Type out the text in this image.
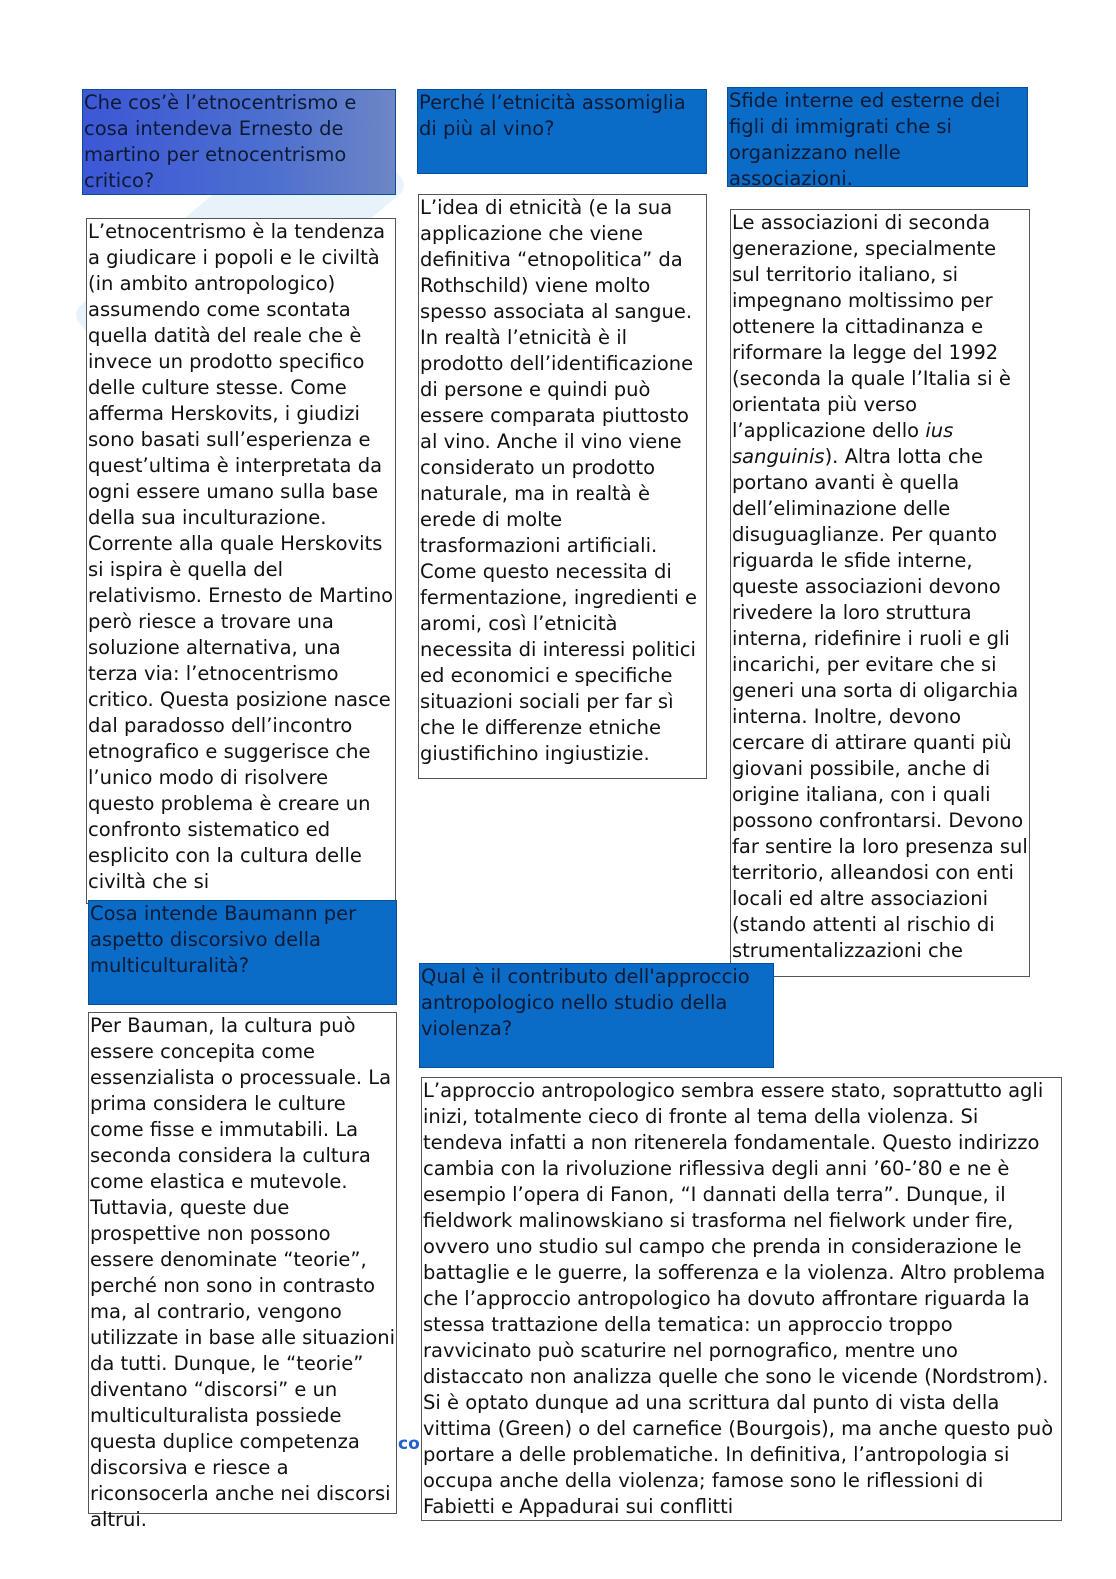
Che cos’è l’etnocentrismo e cosa intendeva Ernesto de martino per etnocentrismo critico?

L’etnocentrismo è la tendenza a giudicare i popoli e le civiltà (in ambito antropologico) assumendo come scontata quella datità del reale che è invece un prodotto specifico delle culture stesse. Come afferma Herskovits, i giudizi sono basati sull’esperienza e quest’ultima è interpretata da ogni essere umano sulla base della sua inculturazione. Corrente alla quale Herskovits si ispira è quella del relativismo. Ernesto de Martino però riesce a trovare una soluzione alternativa, una terza via: l’etnocentrismo critico. Questa posizione nasce dal paradosso dell’incontro etnografico e suggerisce che l’unico modo di risolvere questo problema è creare un confronto sistematico ed esplicito con la cultura delle civiltà che si

Perché l’etnicità assomiglia di più al vino?

L’idea di etnicità (e la sua applicazione che viene definitiva “etnopolitica” da Rothschild) viene molto spesso associata al sangue. In realtà l’etnicità è il prodotto dell’identificazione di persone e quindi può essere comparata piuttosto al vino. Anche il vino viene considerato un prodotto naturale, ma in realtà è erede di molte trasformazioni artificiali. Come questo necessita di fermentazione, ingredienti e aromi, così l’etnicità necessita di interessi politici ed economici e specifiche situazioni sociali per far sì che le differenze etniche giustifichino ingiustizie.

Sfide interne ed esterne dei figli di immigrati che si organizzano nelle associazioni.

Le associazioni di seconda generazione, specialmente sul territorio italiano, si impegnano moltissimo per ottenere la cittadinanza e riformare la legge del 1992 (seconda la quale l’Italia si è orientata più verso l’applicazione dello ius sanguinis). Altra lotta che portano avanti è quella dell’eliminazione delle disuguaglianze. Per quanto riguarda le sfide interne, queste associazioni devono rivedere la loro struttura interna, ridefinire i ruoli e gli incarichi, per evitare che si generi una sorta di oligarchia interna. Inoltre, devono cercare di attirare quanti più giovani possibile, anche di origine italiana, con i quali possono confrontarsi. Devono far sentire la loro presenza sul territorio, alleandosi con enti locali ed altre associazioni (stando attenti al rischio di strumentalizzazioni che

Cosa intende Baumann per aspetto discorsivo della multiculturalità?

Per Bauman, la cultura può essere concepita come essenzialista o processuale. La prima considera le culture come fisse e immutabili. La seconda considera la cultura come elastica e mutevole. Tuttavia, queste due prospettive non possono essere denominate “teorie”, perché non sono in contrasto ma, al contrario, vengono utilizzate in base alle situazioni da tutti. Dunque, le “teorie” diventano “discorsi” e un multiculturalista possiede questa duplice competenza discorsiva e riesce a riconsocerla anche nei discorsi altrui.

Qual è il contributo dell'approccio antropologico nello studio della violenza?

L’approccio antropologico sembra essere stato, soprattutto agli inizi, totalmente cieco di fronte al tema della violenza. Si tendeva infatti a non ritenerela fondamentale. Questo indirizzo cambia con la rivoluzione riflessiva degli anni ’60-’80 e ne è esempio l’opera di Fanon, “I dannati della terra”. Dunque, il fieldwork malinowskiano si trasforma nel fielwork under fire, ovvero uno studio sul campo che prenda in considerazione le battaglie e le guerre, la sofferenza e la violenza. Altro problema che l’approccio antropologico ha dovuto affrontare riguarda la stessa trattazione della tematica: un approccio troppo ravvicinato può scaturire nel pornografico, mentre uno distaccato non analizza quelle che sono le vicende (Nordstrom). Si è optato dunque ad una scrittura dal punto di vista della vittima (Green) o del carnefice (Bourgois), ma anche questo può portare a delle problematiche. In definitiva, l’antropologia si occupa anche della violenza; famose sono le riflessioni di Fabietti e Appadurai sui conflitti

co
